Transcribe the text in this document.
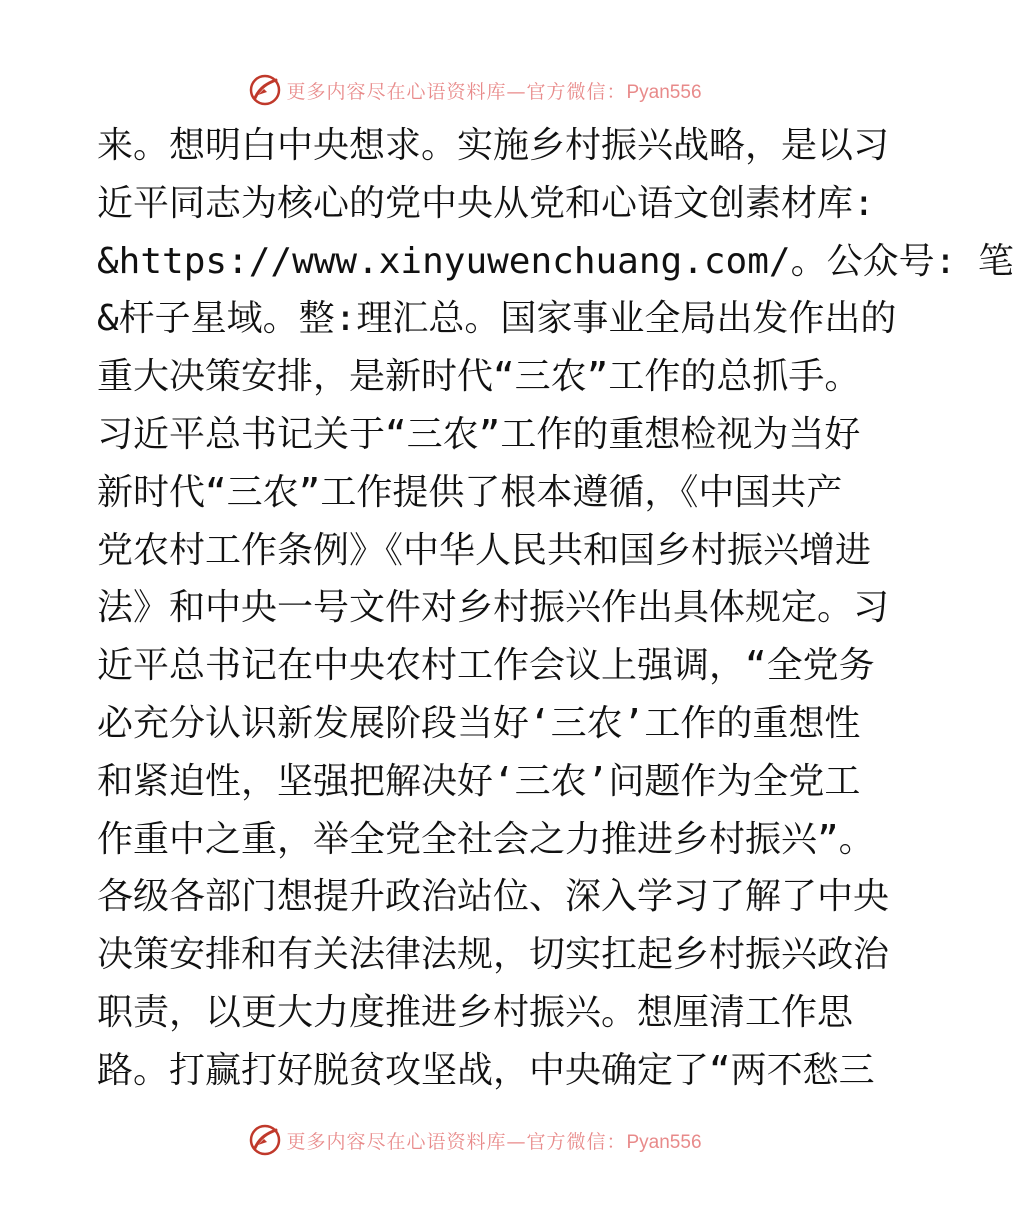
更多内容尽在心语资料库—官方微信：Pyan556
来。想明白中央想求。实施乡村振兴战略，是以习
近平同志为核心的党中央从党和心语文创素材库:
&https://www.xinyuwenchuang.com/。公众号: 笔
&杆子星域。整:理汇总。国家事业全局出发作出的
重大决策安排，是新时代“三农”工作的总抓手。
习近平总书记关于“三农”工作的重想检视为当好
新时代“三农”工作提供了根本遵循，《中国共产
党农村工作条例》《中华人民共和国乡村振兴增进
法》和中央一号文件对乡村振兴作出具体规定。习
近平总书记在中央农村工作会议上强调，“全党务
必充分认识新发展阶段当好‘三农’工作的重想性
和紧迫性，坚强把解决好‘三农’问题作为全党工
作重中之重，举全党全社会之力推进乡村振兴”。
各级各部门想提升政治站位、深入学习了解了中央
决策安排和有关法律法规，切实扛起乡村振兴政治
职责，以更大力度推进乡村振兴。想厘清工作思
路。打赢打好脱贫攻坚战，中央确定了“两不愁三
更多内容尽在心语资料库—官方微信：Pyan556
